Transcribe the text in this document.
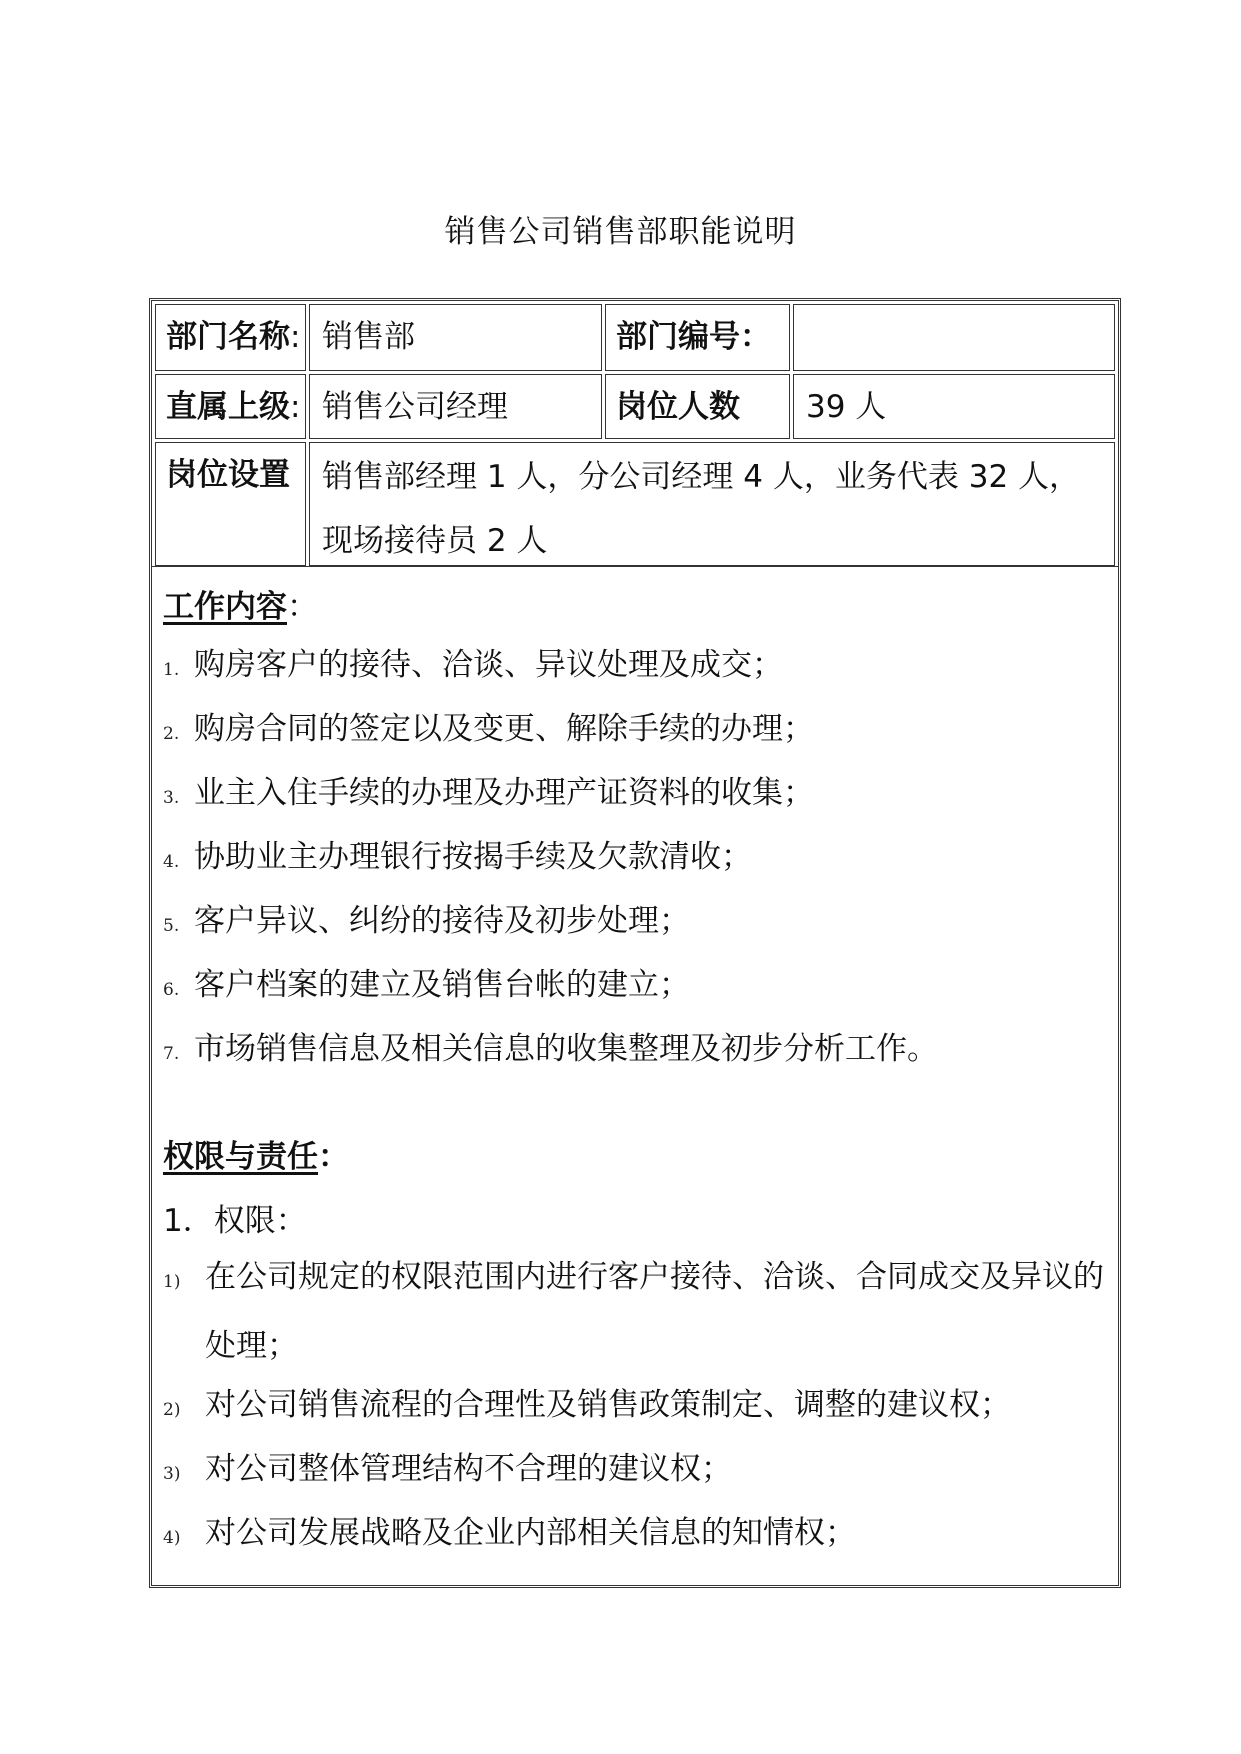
销售公司销售部职能说明
部门名称: 销售部	部门编号：
直属上级: 销售公司经理	岗位人数	39 人
岗位设置	销售部经理 1 人，分公司经理 4 人，业务代表 32 人，现场接待员 2 人
工作内容：
1. 购房客户的接待、洽谈、异议处理及成交；
2. 购房合同的签定以及变更、解除手续的办理；
3. 业主入住手续的办理及办理产证资料的收集；
4. 协助业主办理银行按揭手续及欠款清收；
5. 客户异议、纠纷的接待及初步处理；
6. 客户档案的建立及销售台帐的建立；
7. 市场销售信息及相关信息的收集整理及初步分析工作。
权限与责任：
1．权限：
1) 在公司规定的权限范围内进行客户接待、洽谈、合同成交及异议的处理；
2) 对公司销售流程的合理性及销售政策制定、调整的建议权；
3) 对公司整体管理结构不合理的建议权；
4) 对公司发展战略及企业内部相关信息的知情权；
